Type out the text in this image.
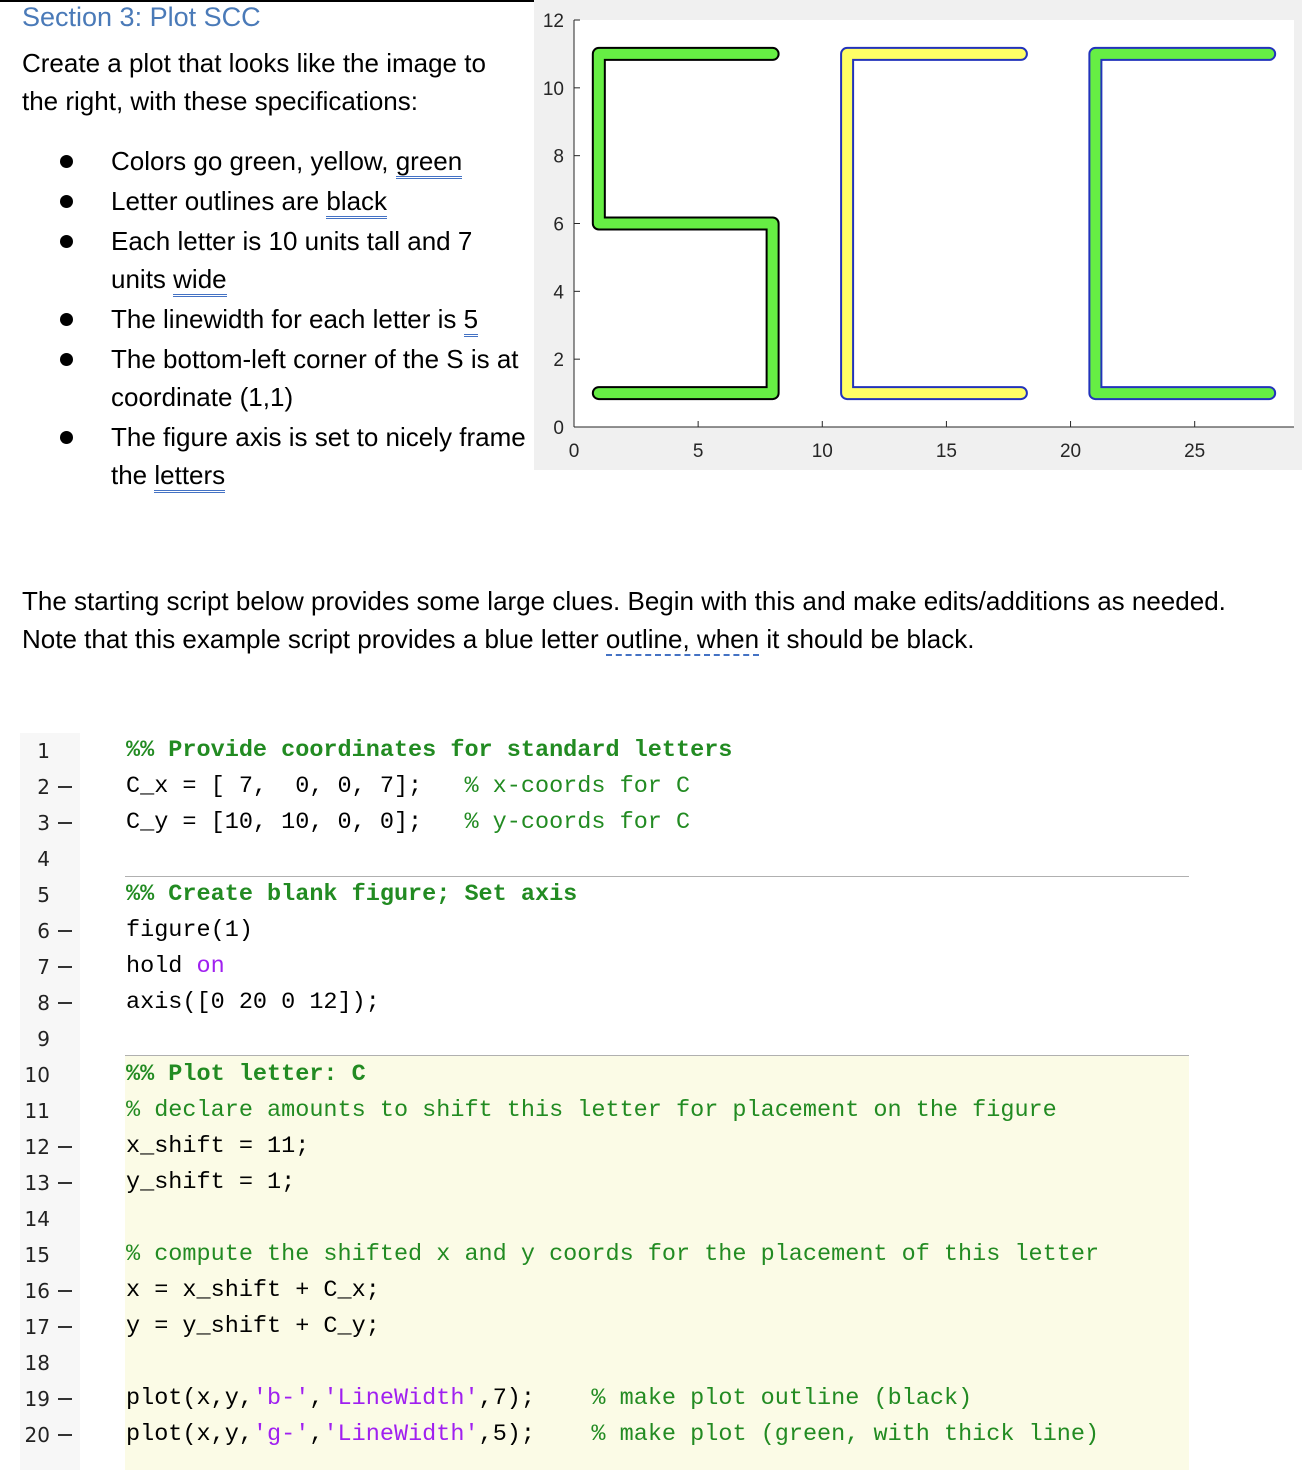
Section 3: Plot SCC
Create a plot that looks like the image to the right, with these specifications:
Colors go green, yellow, green
Letter outlines are black
Each letter is 10 units tall and 7 units wide
The linewidth for each letter is 5
The bottom-left corner of the S is at coordinate (1,1)
The figure axis is set to nicely frame the letters
0	5	10	15	20	25
0
2
4
6
8
10
12
The starting script below provides some large clues. Begin with this and make edits/additions as needed. Note that this example script provides a blue letter outline, when it should be black.
1	%% Provide coordinates for standard letters
2	C_x = [ 7,  0, 0, 7];   % x-coords for C
3	C_y = [10, 10, 0, 0];   % y-coords for C
4
5	%% Create blank figure; Set axis
6	figure(1)
7	hold on
8	axis([0 20 0 12]);
9
10	%% Plot letter: C
11	% declare amounts to shift this letter for placement on the figure
12	x_shift = 11;
13	y_shift = 1;
14
15	% compute the shifted x and y coords for the placement of this letter
16	x = x_shift + C_x;
17	y = y_shift + C_y;
18
19	plot(x,y,'b-','LineWidth',7);    % make plot outline (black)
20	plot(x,y,'g-','LineWidth',5);    % make plot (green, with thick line)
